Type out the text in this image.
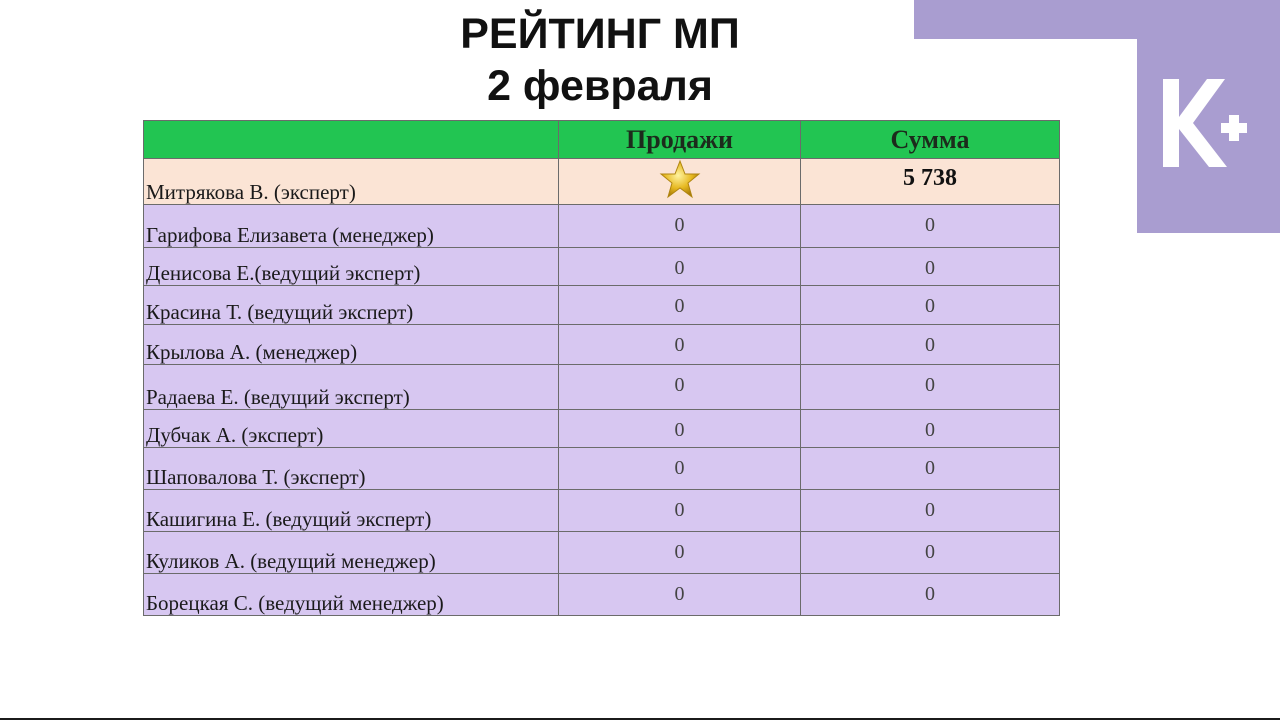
РЕЙТИНГ МП
2 февраля
	Продажи	Сумма
Митрякова В. (эксперт)		5 738
Гарифова Елизавета (менеджер)	0	0
Денисова Е.(ведущий эксперт)	0	0
Красина Т. (ведущий эксперт)	0	0
Крылова А. (менеджер)	0	0
Радаева Е. (ведущий эксперт)	0	0
Дубчак А. (эксперт)	0	0
Шаповалова Т. (эксперт)	0	0
Кашигина Е. (ведущий эксперт)	0	0
Куликов А. (ведущий менеджер)	0	0
Борецкая С. (ведущий менеджер)	0	0
